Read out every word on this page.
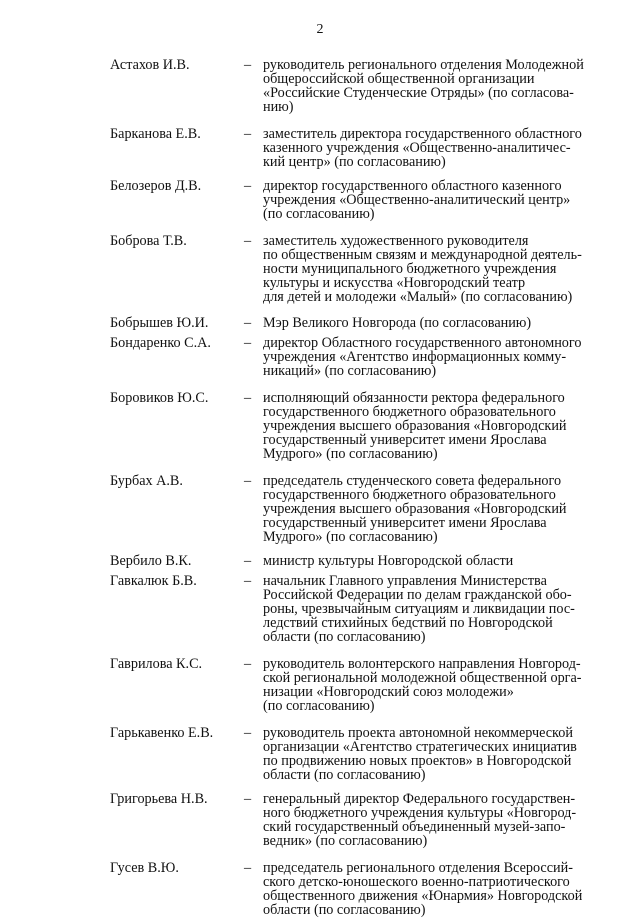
2
Астахов И.В.	– руководитель регионального отделения Молодежной
общероссийской общественной организации
«Российские Студенческие Отряды» (по согласова-
нию)
Барканова Е.В.	– заместитель директора государственного областного
казенного учреждения «Общественно-аналитичес-
кий центр» (по согласованию)
Белозеров Д.В.	– директор государственного областного казенного
учреждения «Общественно-аналитический центр»
(по согласованию)
Боброва Т.В.	– заместитель художественного руководителя
по общественным связям и международной деятель-
ности муниципального бюджетного учреждения
культуры и искусства «Новгородский театр
для детей и молодежи «Малый» (по согласованию)
Бобрышев Ю.И.	– Мэр Великого Новгорода (по согласованию)
Бондаренко С.А. – директор Областного государственного автономного
учреждения «Агентство информационных комму-
никаций» (по согласованию)
Боровиков Ю.С.	– исполняющий обязанности ректора федерального
государственного бюджетного образовательного
учреждения высшего образования «Новгородский
государственный университет имени Ярослава
Мудрого» (по согласованию)
Бурбах А.В.	– председатель студенческого совета федерального
государственного бюджетного образовательного
учреждения высшего образования «Новгородский
государственный университет имени Ярослава
Мудрого» (по согласованию)
Вербило В.К.	– министр культуры Новгородской области
Гавкалюк Б.В.	– начальник Главного управления Министерства
Российской Федерации по делам гражданской обо-
роны, чрезвычайным ситуациям и ликвидации пос-
ледствий стихийных бедствий по Новгородской
области (по согласованию)
Гаврилова К.С.	– руководитель волонтерского направления Новгород-
ской региональной молодежной общественной орга-
низации «Новгородский союз молодежи»
(по согласованию)
Гарькавенко Е.В. – руководитель проекта автономной некоммерческой
организации «Агентство стратегических инициатив
по продвижению новых проектов» в Новгородской
области (по согласованию)
Григорьева Н.В.	– генеральный директор Федерального государствен-
ного бюджетного учреждения культуры «Новгород-
ский государственный объединенный музей-запо-
ведник» (по согласованию)
Гусев В.Ю.	– председатель регионального отделения Всероссий-
ского детско-юношеского военно-патриотического
общественного движения «Юнармия» Новгородской
области (по согласованию)
